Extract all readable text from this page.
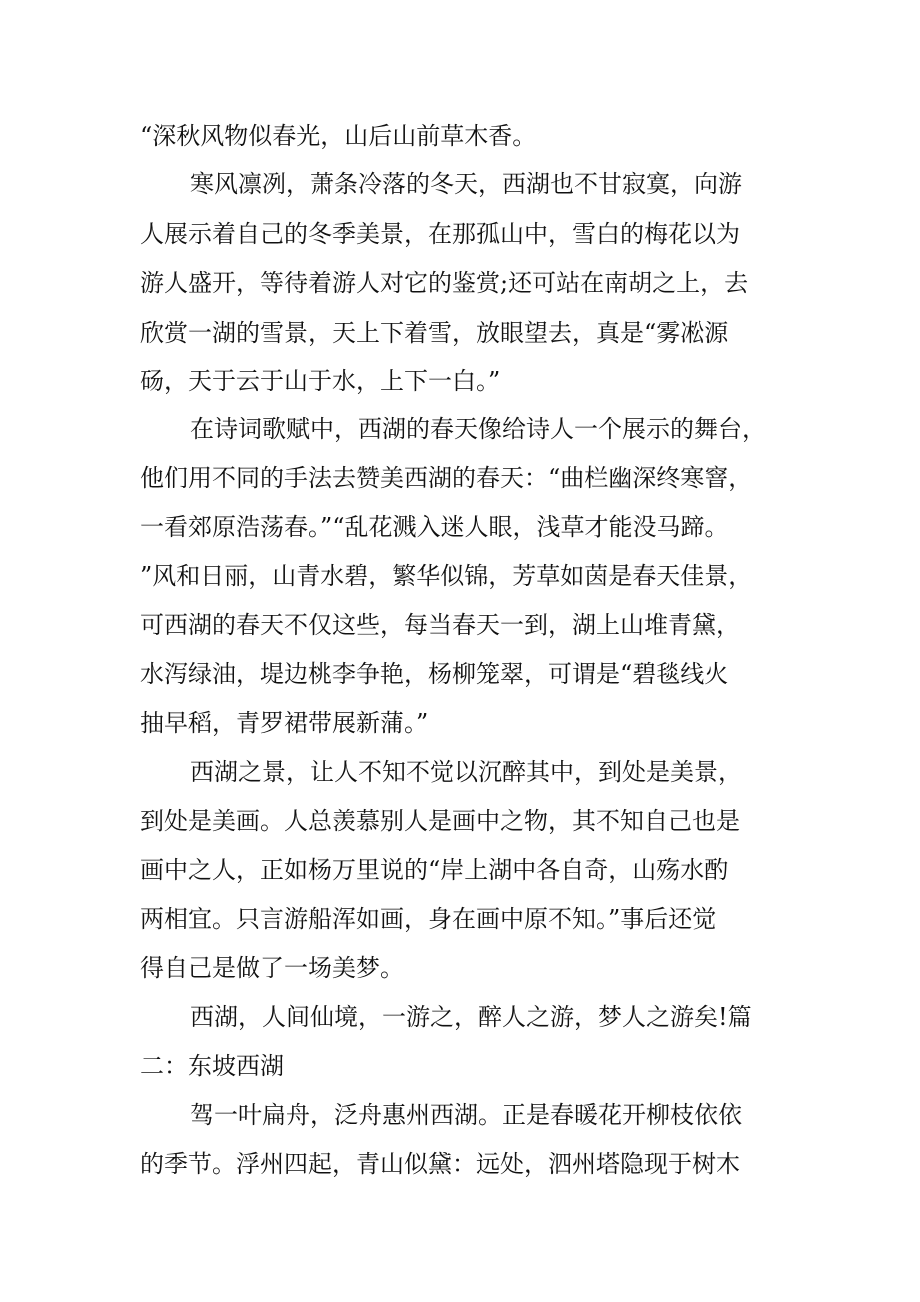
“深秋风物似春光，山后山前草木香。
寒风凛冽，萧条冷落的冬天，西湖也不甘寂寞，向游
人展示着自己的冬季美景，在那孤山中，雪白的梅花以为
游人盛开，等待着游人对它的鉴赏;还可站在南胡之上，去
欣赏一湖的雪景，天上下着雪，放眼望去，真是“雾凇源
砀，天于云于山于水，上下一白。”
在诗词歌赋中，西湖的春天像给诗人一个展示的舞台，
他们用不同的手法去赞美西湖的春天：“曲栏幽深终寒窨，
一看郊原浩荡春。”“乱花溅入迷人眼，浅草才能没马蹄。
”风和日丽，山青水碧，繁华似锦，芳草如茵是春天佳景，
可西湖的春天不仅这些，每当春天一到，湖上山堆青黛，
水泻绿油，堤边桃李争艳，杨柳笼翠，可谓是“碧毯线火
抽早稻，青罗裙带展新蒲。”
西湖之景，让人不知不觉以沉醉其中，到处是美景，
到处是美画。人总羡慕别人是画中之物，其不知自己也是
画中之人，正如杨万里说的“岸上湖中各自奇，山殇水酌
两相宜。只言游船浑如画，身在画中原不知。”事后还觉
得自己是做了一场美梦。
西湖，人间仙境，一游之，醉人之游，梦人之游矣!篇
二：东坡西湖
驾一叶扁舟，泛舟惠州西湖。正是春暖花开柳枝依依
的季节。浮州四起，青山似黛：远处，泗州塔隐现于树木
